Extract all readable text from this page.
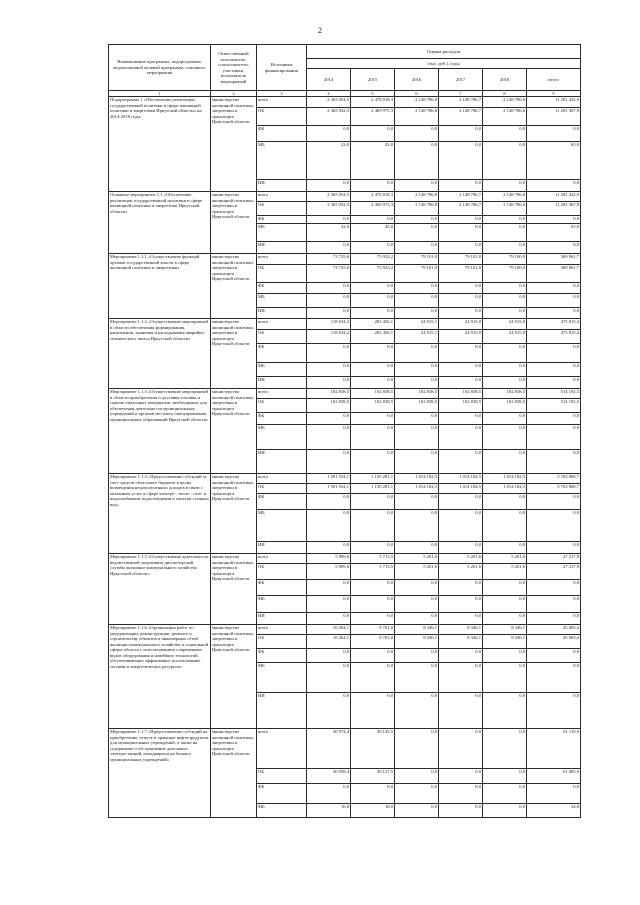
2
Наименование программы, подпрограммы, ведомственной целевой программы, основного мероприятия	Ответственный исполнитель, соисполнители, участники, исполнители мероприятий	Источники финансирования	Оценка расходов					
			(тыс. руб.), годы					
			2014	2015	2016	2017	2018	итого
1	2	3	4	5	6	7	8	9
Подпрограмма 1 «Обеспечение реализации государственной политики в сфере жилищной политики и энергетики Иркутской области» на 2014-2018 годы	министерство жилищной политики, энергетики и транспорта Иркутской области	всего	2 365 054,5	2 470 018,3	2 148 786,8	2 148 786,7	2 148 786,6	11 281 432,9
		ОБ	2 365 032,5	2 469 975,3	2 148 786,8	2 148 786,7	2 148 786,6	11 281 367,9
		ФБ	0,0	0,0	0,0	0,0	0,0	0,0
		МБ	22,0	43,0	0,0	0,0	0,0	65,0
		ИИ	0,0	0,0	0,0	0,0	0,0	0,0
Основное мероприятие 1.1 «Обеспечение реализации государственной политики в сфере жилищной политики и энергетики Иркутской области»	министерство жилищной политики, энергетики и транспорта Иркутской области	всего	2 365 054,5	2 470 018,3	2 148 786,8	2 148 786,7	2 148 786,6	11 281 432,9
		ОБ	2 365 032,5	2 469 975,3	2 148 786,8	2 148 786,7	2 148 786,6	11 281 367,9
		ФБ	0,0	0,0	0,0	0,0	0,0	0,0
		МБ	22,0	43,0	0,0	0,0	0,0	65,0
		ИИ	0,0	0,0	0,0	0,0	0,0	0,0
Мероприятие 1.1.1 «Осуществление функций органов государственной власти в сфере жилищной политики и энергетики»	министерство жилищной политики, энергетики и транспорта Иркутской области	всего	73 735,6	75 923,2	79 101,0	79 101,0	79 100,9	369 961,7
		ОБ	73 735,6	75 923,2	79 101,0	79 101,0	79 100,9	369 961,7
		ФБ	0,0	0,0	0,0	0,0	0,0	0,0
		МБ	0,0	0,0	0,0	0,0	0,0	0,0
		ИИ	0,0	0,0	0,0	0,0	0,0	0,0
Мероприятие 1.1.2 «Осуществление мероприятий в области обеспечения формирования, наполнения, хранения и расходования аварийно - технического запаса Иркутской области»	министерство жилищной политики, энергетики и транспорта Иркутской области	всего	118 634,2	282 456,1	24 915,1	24 915,0	24 915,0	475 815,4
		ОБ	118 634,2	282 456,1	24 915,1	24 915,0	24 915,0	475 815,4
		ФБ	0,0	0,0	0,0	0,0	0,0	0,0
		МБ	0,0	0,0	0,0	0,0	0,0	0,0
		ИИ	0,0	0,0	0,0	0,0	0,0	0,0
Мероприятие 1.1.3 «Осуществление мероприятий в области приобретения и доставки топлива и горюче-смазочных материалов, необходимых для обеспечения деятельности муниципальных учреждений и органов местного самоуправления муниципальных образований Иркутской области»	министерство жилищной политики, энергетики и транспорта Иркутской области	всего	102 838,5	102 838,5	102 838,5	102 838,5	102 838,5	514 192,5
		ОБ	102 838,5	102 838,5	102 838,5	102 838,5	102 838,5	514 192,5
		ФБ	0,0	0,0	0,0	0,0	0,0	0,0
		МБ	0,0	0,0	0,0	0,0	0,0	0,0
		ИИ	0,0	0,0	0,0	0,0	0,0	0,0
Мероприятие 1.1.4 «Предоставление субсидий за счет средств областного бюджета в целях возмещения недополученных доходов в связи с оказанием услуг в сфере электро-, тепло-, газо- и водоснабжения, водоотведения и очистки сточных вод»	министерство жилищной политики, энергетики и транспорта Иркутской области	всего	1 591 934,1	1 150 281,1	1 014 184,5	1 014 184,5	1 014 184,5	5 763 868,7
		ОБ	1 591 934,1	1 150 281,1	1 014 184,5	1 014 184,5	1 014 184,5	5 763 868,7
		ФБ	0,0	0,0	0,0	0,0	0,0	0,0
		МБ	0,0	0,0	0,0	0,0	0,0	0,0
		ИИ	0,0	0,0	0,0	0,0	0,0	0,0
Мероприятие 1.1.5 «Осуществление деятельности ведомственной оперативно-диспетчерской службы жилищно-коммунального хозяйства Иркутской области»	министерство жилищной политики, энергетики и транспорта Иркутской области	всего	5 899,6	5 713,5	5 201,6	5 201,6	5 201,6	27 217,9
		ОБ	5 899,6	5 713,5	5 201,6	5 201,6	5 201,6	27 217,9
		ФБ	0,0	0,0	0,0	0,0	0,0	0,0
		МБ	0,0	0,0	0,0	0,0	0,0	0,0
		ИИ	0,0	0,0	0,0	0,0	0,0	0,0
Мероприятие 1.1.6 «Организация работ по модернизации, реконструкции, ремонту и строительству объектов и инженерных сетей жилищно-коммунального хозяйства и социальной сферы области с использованием современных видов оборудования и новейших технологий, обеспечивающих эффективное использование топлива и энергетических ресурсов»	министерство жилищной политики, энергетики и транспорта Иркутской области	всего	10 264,1	9 701,0	8 346,1	8 346,1	8 346,1	45 003,4
		ОБ	10 264,1	9 701,0	8 346,1	8 346,1	8 346,1	45 003,4
		ФБ	0,0	0,0	0,0	0,0	0,0	0,0
		МБ	0,0	0,0	0,0	0,0	0,0	0,0
		ИИ	0,0	0,0	0,0	0,0	0,0	0,0
Мероприятие 1.1.7 «Предоставление субсидий на приобретение, отпуск и хранение нефтепродуктов для муниципальных учреждений, а также на содержание и обслуживание дизельных электростанций, находящихся на балансе муниципальных учреждений»	министерство жилищной политики, энергетики и транспорта Иркутской области	всего	30 974,4	30 145,5	0,0	0,0	0,0	61 119,9
		ОБ	30 958,4	30 127,5	0,0	0,0	0,0	61 085,9
		ФБ	0,0	0,0	0,0	0,0	0,0	0,0
		МБ	16,0	18,0	0,0	0,0	0,0	34,0
